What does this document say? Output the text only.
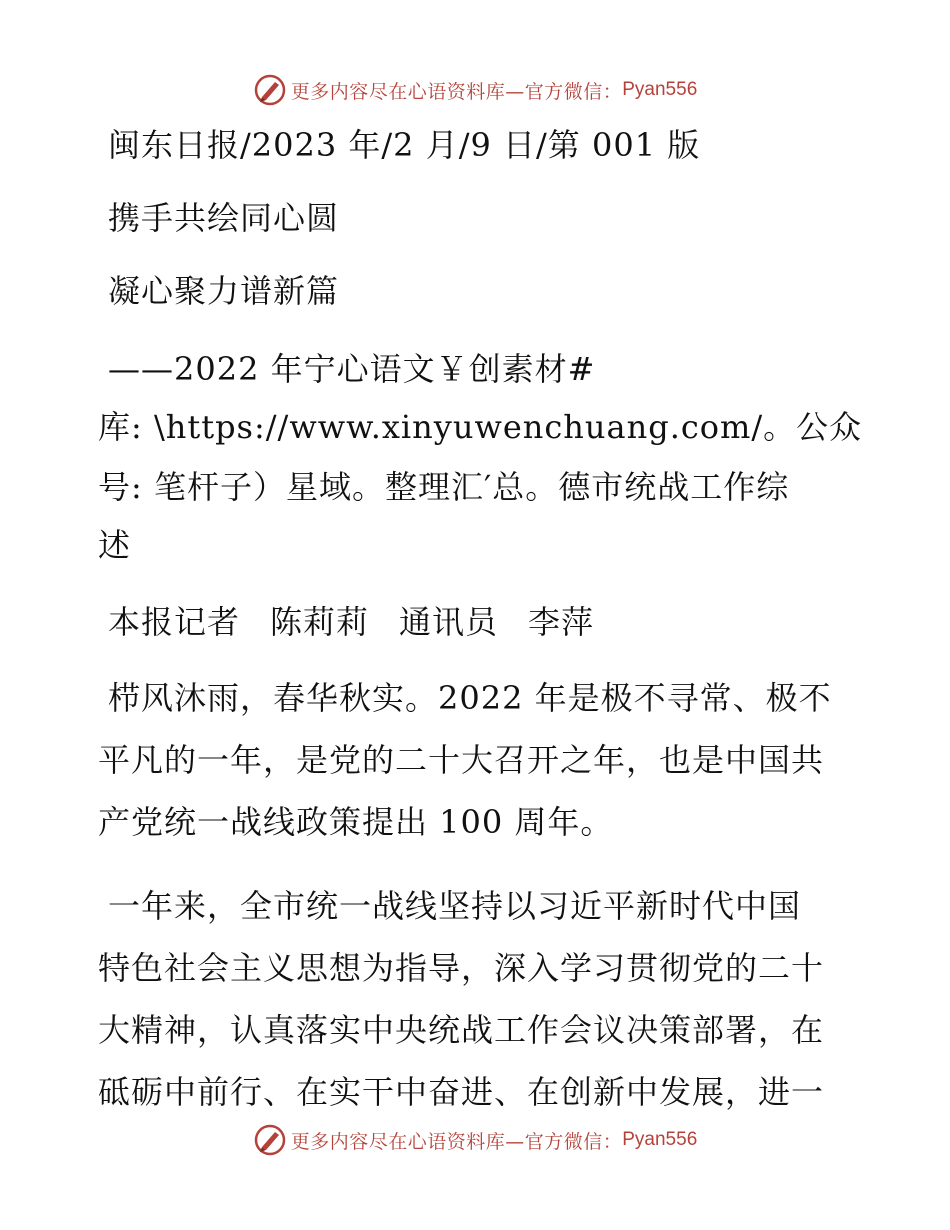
更多内容尽在心语资料库—官方微信： Pyan556
闽东日报/2023 年/2 月/9 日/第 001 版
携手共绘同心圆
凝心聚力谱新篇
——2022 年宁心语文￥创素材#
库: \https://www.xinyuwenchuang.com/。公众
号: 笔杆子）星域。整理汇′总。德市统战工作综
述
本报记者 陈莉莉 通讯员 李萍
栉风沐雨，春华秋实。2022 年是极不寻常、极不
平凡的一年，是党的二十大召开之年，也是中国共
产党统一战线政策提出 100 周年。
一年来，全市统一战线坚持以习近平新时代中国
特色社会主义思想为指导，深入学习贯彻党的二十
大精神，认真落实中央统战工作会议决策部署，在
砥砺中前行、在实干中奋进、在创新中发展，进一
更多内容尽在心语资料库—官方微信： Pyan556
